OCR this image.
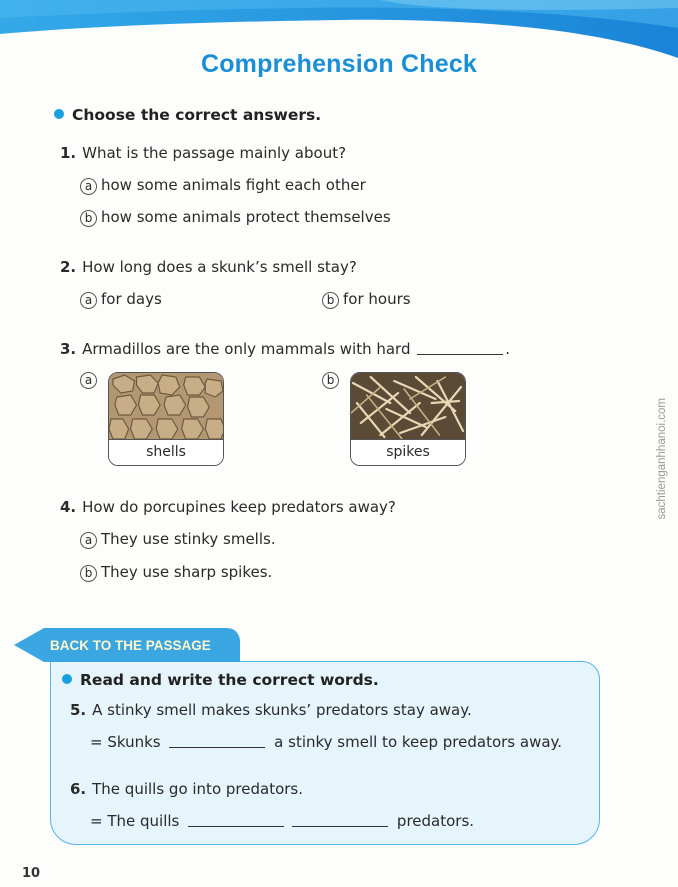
Comprehension Check
Choose the correct answers.
1. What is the passage mainly about?
a how some animals fight each other
b how some animals protect themselves
2. How long does a skunk’s smell stay?
a for days	b for hours
3. Armadillos are the only mammals with hard	.
a
shells
b
spikes
4. How do porcupines keep predators away?
a They use stinky smells.
b They use sharp spikes.
sachtienganhhanoi.com
BACK TO THE PASSAGE
Read and write the correct words.
5. A stinky smell makes skunks’ predators stay away.
= Skunks	a stinky smell to keep predators away.
6. The quills go into predators.
= The quills	predators.
10
